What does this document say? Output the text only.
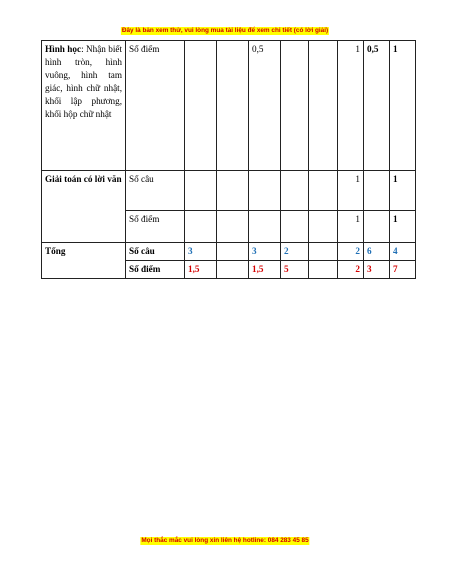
Đây là bản xem thử, vui lòng mua tài liệu để xem chi tiết (có lời giải)
Hình học: Nhận biết hình tròn, hình vuông, hình tam giác, hình chữ nhật, khối lập phương, khối hộp chữ nhật	Số điểm			0,5			1	0,5	1
Giải toán có lời văn	Số câu						1		1
	Số điểm						1		1
Tổng	Số câu	3		3	2		2	6	4
	Số điểm	1,5		1,5	5		2	3	7
Mọi thắc mắc vui lòng xin liên hệ hotline: 084 283 45 85
